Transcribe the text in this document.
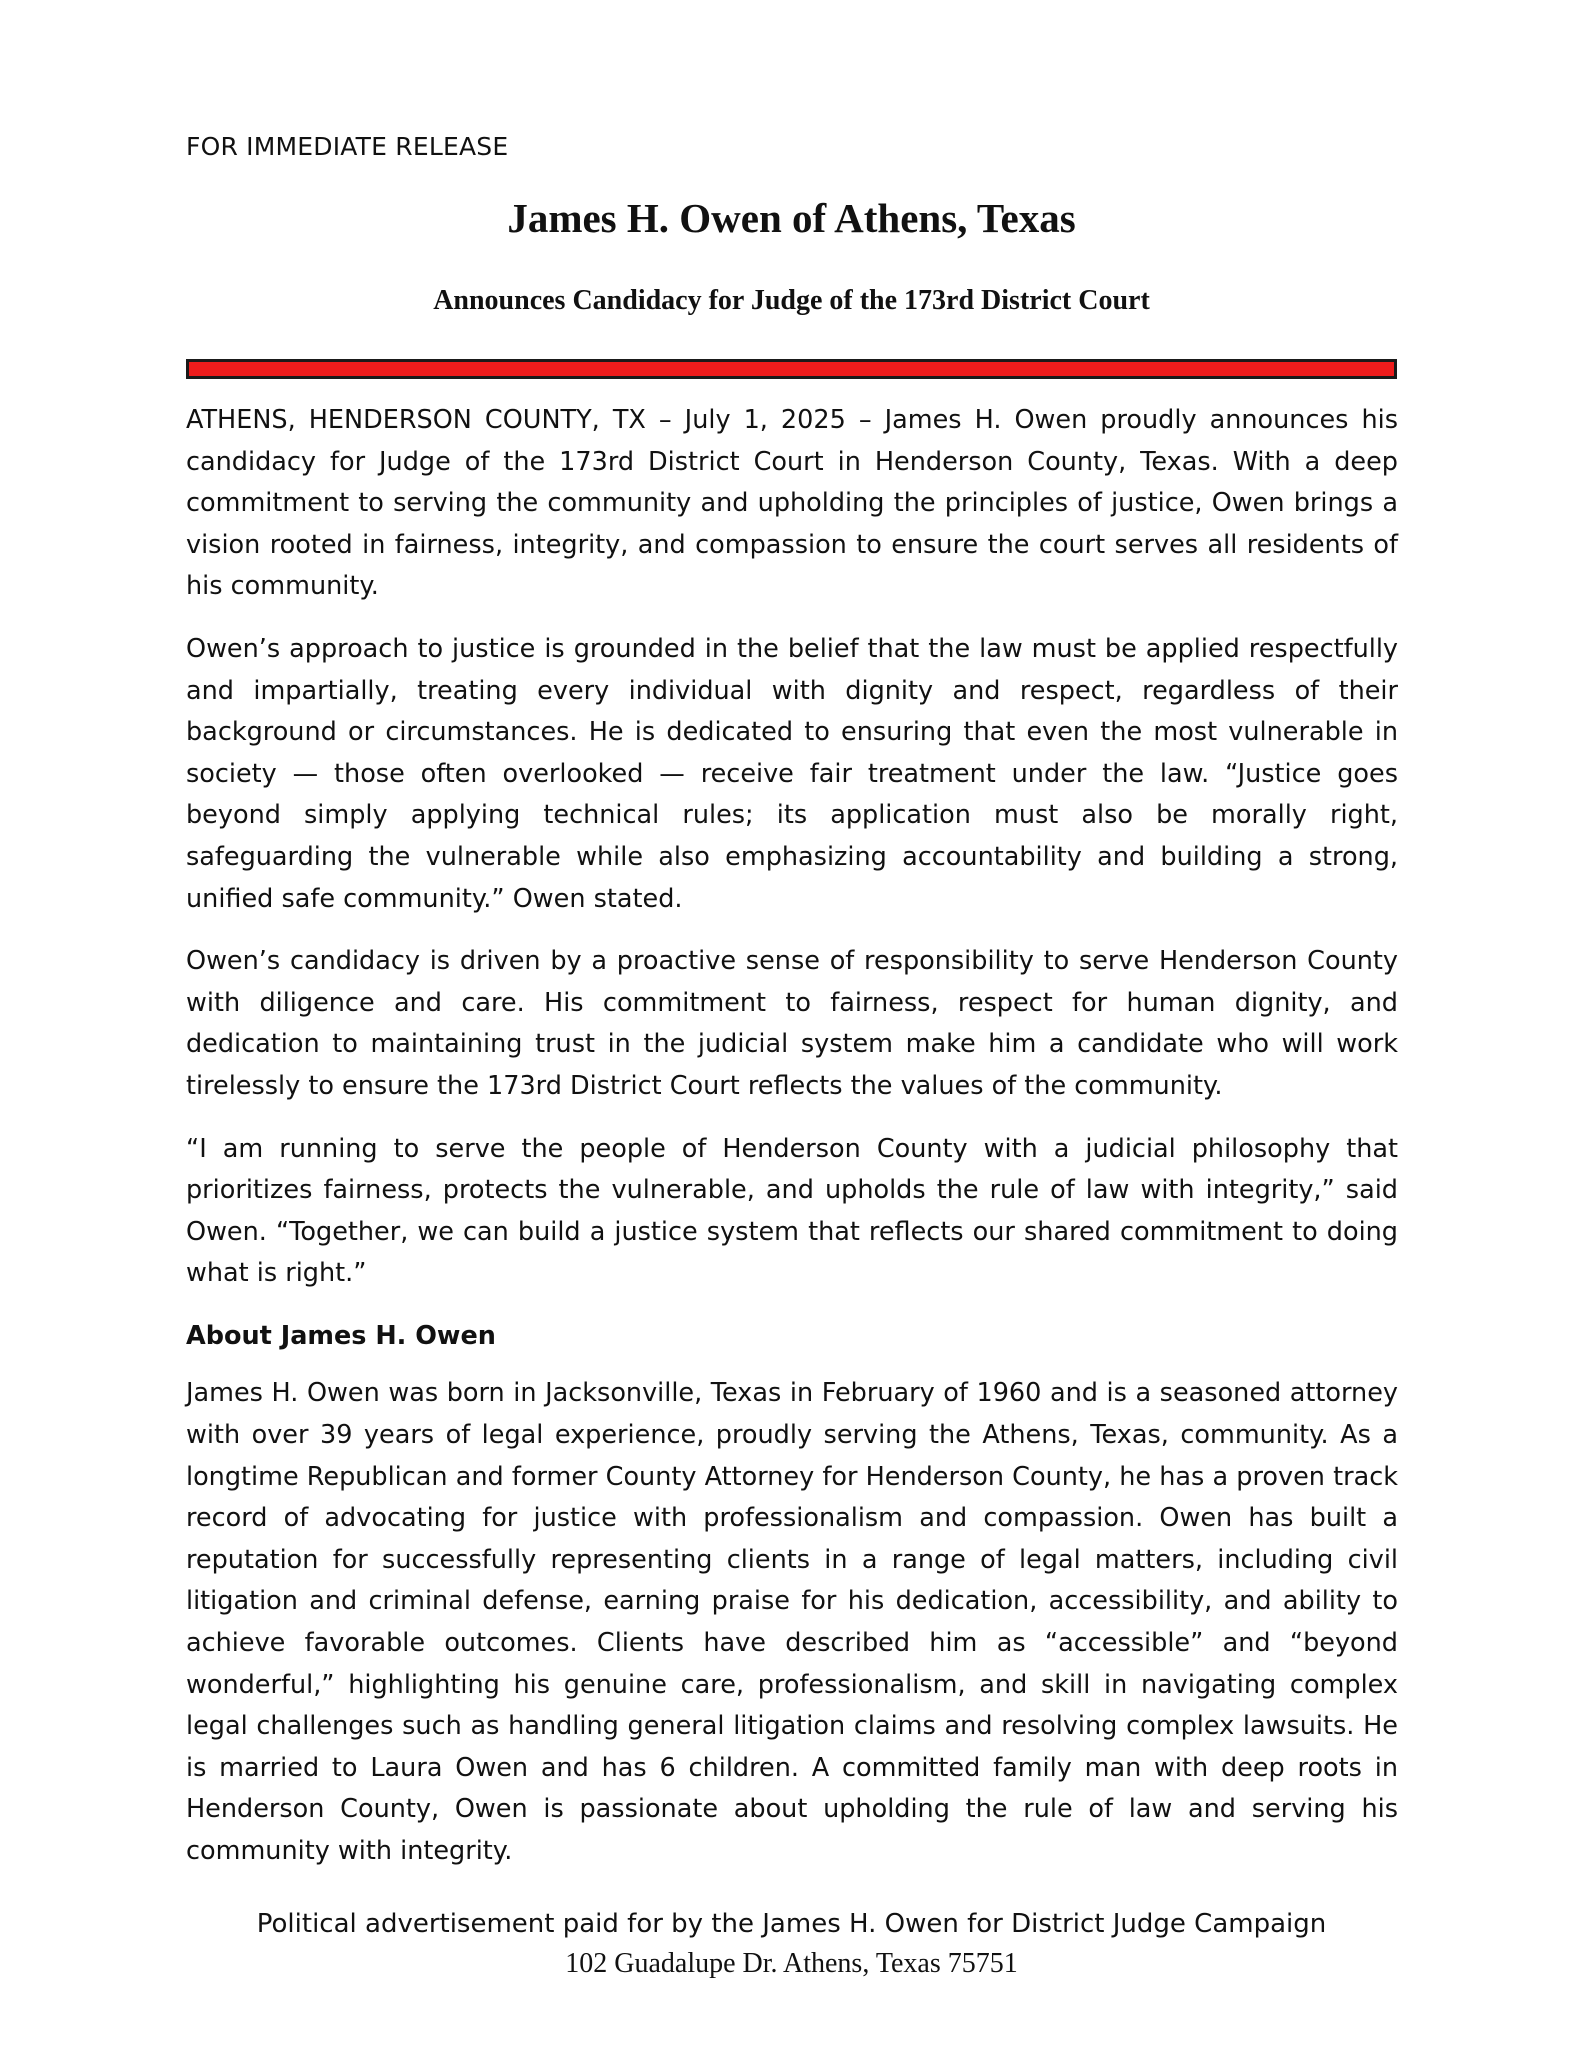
FOR IMMEDIATE RELEASE
James H. Owen of Athens, Texas
Announces Candidacy for Judge of the 173rd District Court

ATHENS, HENDERSON COUNTY, TX – July 1, 2025 – James H. Owen proudly announces his candidacy for Judge of the 173rd District Court in Henderson County, Texas. With a deep commitment to serving the community and upholding the principles of justice, Owen brings a vision rooted in fairness, integrity, and compassion to ensure the court serves all residents of his community.

Owen’s approach to justice is grounded in the belief that the law must be applied respectfully and impartially, treating every individual with dignity and respect, regardless of their background or circumstances. He is dedicated to ensuring that even the most vulnerable in society — those often overlooked — receive fair treatment under the law. “Justice goes beyond simply applying technical rules; its application must also be morally right, safeguarding the vulnerable while also emphasizing accountability and building a strong, unified safe community.” Owen stated.

Owen’s candidacy is driven by a proactive sense of responsibility to serve Henderson County with diligence and care. His commitment to fairness, respect for human dignity, and dedication to maintaining trust in the judicial system make him a candidate who will work tirelessly to ensure the 173rd District Court reflects the values of the community.

“I am running to serve the people of Henderson County with a judicial philosophy that prioritizes fairness, protects the vulnerable, and upholds the rule of law with integrity,” said Owen. “Together, we can build a justice system that reflects our shared commitment to doing what is right.”

About James H. Owen

James H. Owen was born in Jacksonville, Texas in February of 1960 and is a seasoned attorney with over 39 years of legal experience, proudly serving the Athens, Texas, community. As a longtime Republican and former County Attorney for Henderson County, he has a proven track record of advocating for justice with professionalism and compassion. Owen has built a reputation for successfully representing clients in a range of legal matters, including civil litigation and criminal defense, earning praise for his dedication, accessibility, and ability to achieve favorable outcomes. Clients have described him as “accessible” and “beyond wonderful,” highlighting his genuine care, professionalism, and skill in navigating complex legal challenges such as handling general litigation claims and resolving complex lawsuits. He is married to Laura Owen and has 6 children. A committed family man with deep roots in Henderson County, Owen is passionate about upholding the rule of law and serving his community with integrity.

Political advertisement paid for by the James H. Owen for District Judge Campaign
102 Guadalupe Dr. Athens, Texas 75751
